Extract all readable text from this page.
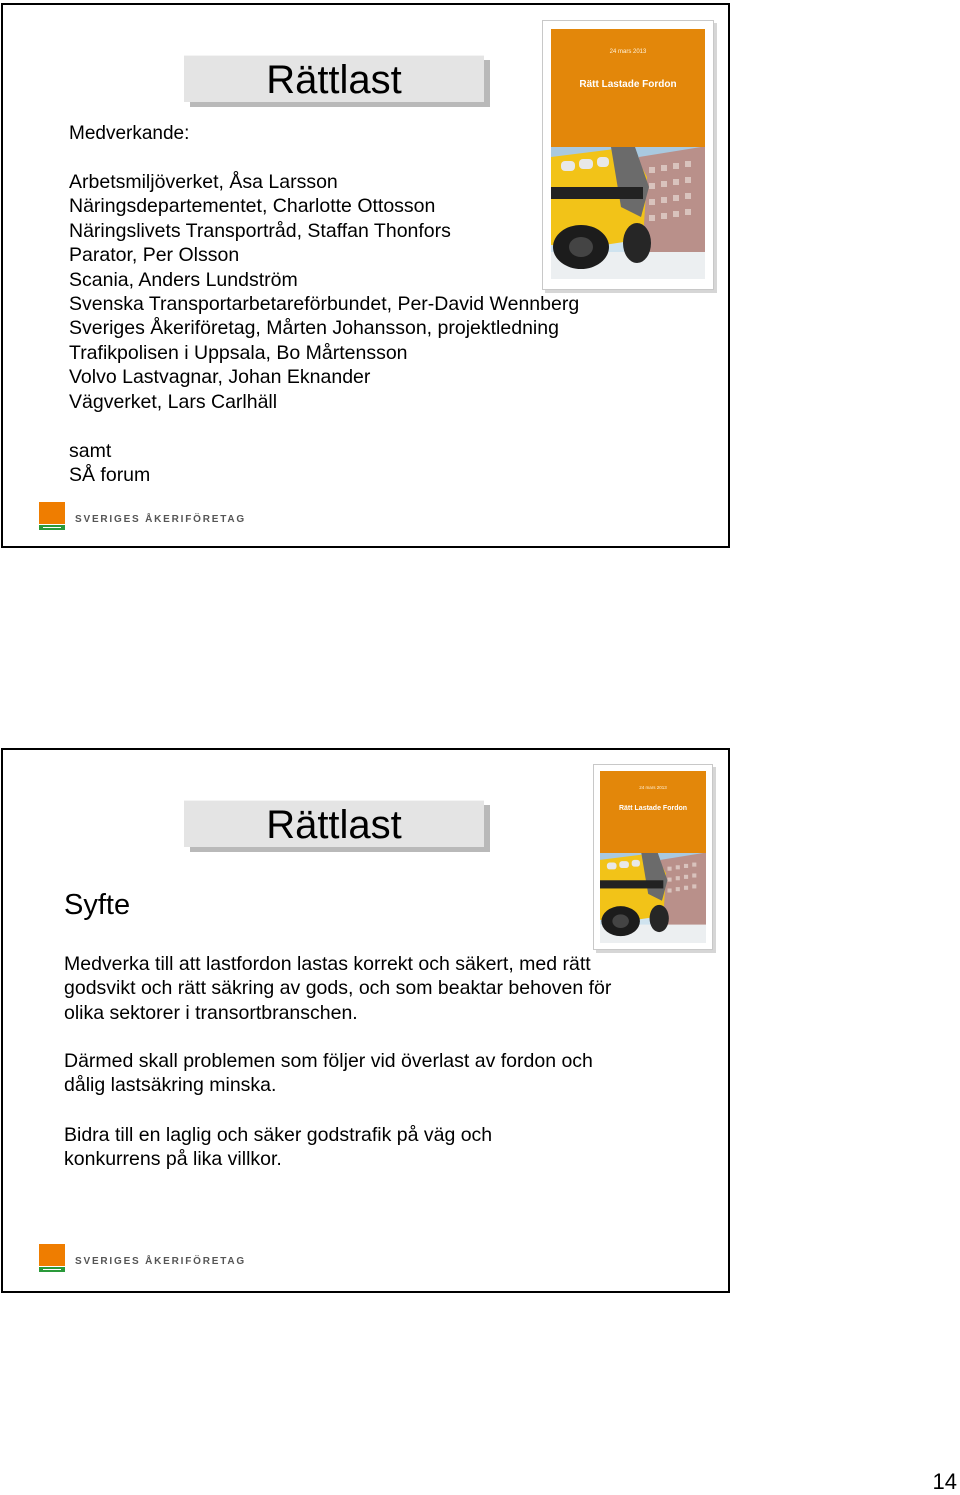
Rättlast
24 mars 2013
Rätt Lastade Fordon
Medverkande:
Arbetsmiljöverket, Åsa Larsson
Näringsdepartementet, Charlotte Ottosson
Näringslivets Transportråd, Staffan Thonfors
Parator, Per Olsson
Scania, Anders Lundström
Svenska Transportarbetareförbundet, Per-David Wennberg
Sveriges Åkeriföretag, Mårten Johansson, projektledning
Trafikpolisen i Uppsala, Bo Mårtensson
Volvo Lastvagnar, Johan Eknander
Vägverket, Lars Carlhäll
samt
SÅ forum
SVERIGES ÅKERIFÖRETAG
Rättlast
24 mars 2013
Rätt Lastade Fordon
Syfte

Medverka till att lastfordon lastas korrekt och säkert, med rätt godsvikt och rätt säkring av gods, och som beaktar behoven för olika sektorer i transortbranschen.

Därmed skall problemen som följer vid överlast av fordon och dålig lastsäkring minska.

Bidra till en laglig och säker godstrafik på väg och konkurrens på lika villkor.

SVERIGES ÅKERIFÖRETAG
14
